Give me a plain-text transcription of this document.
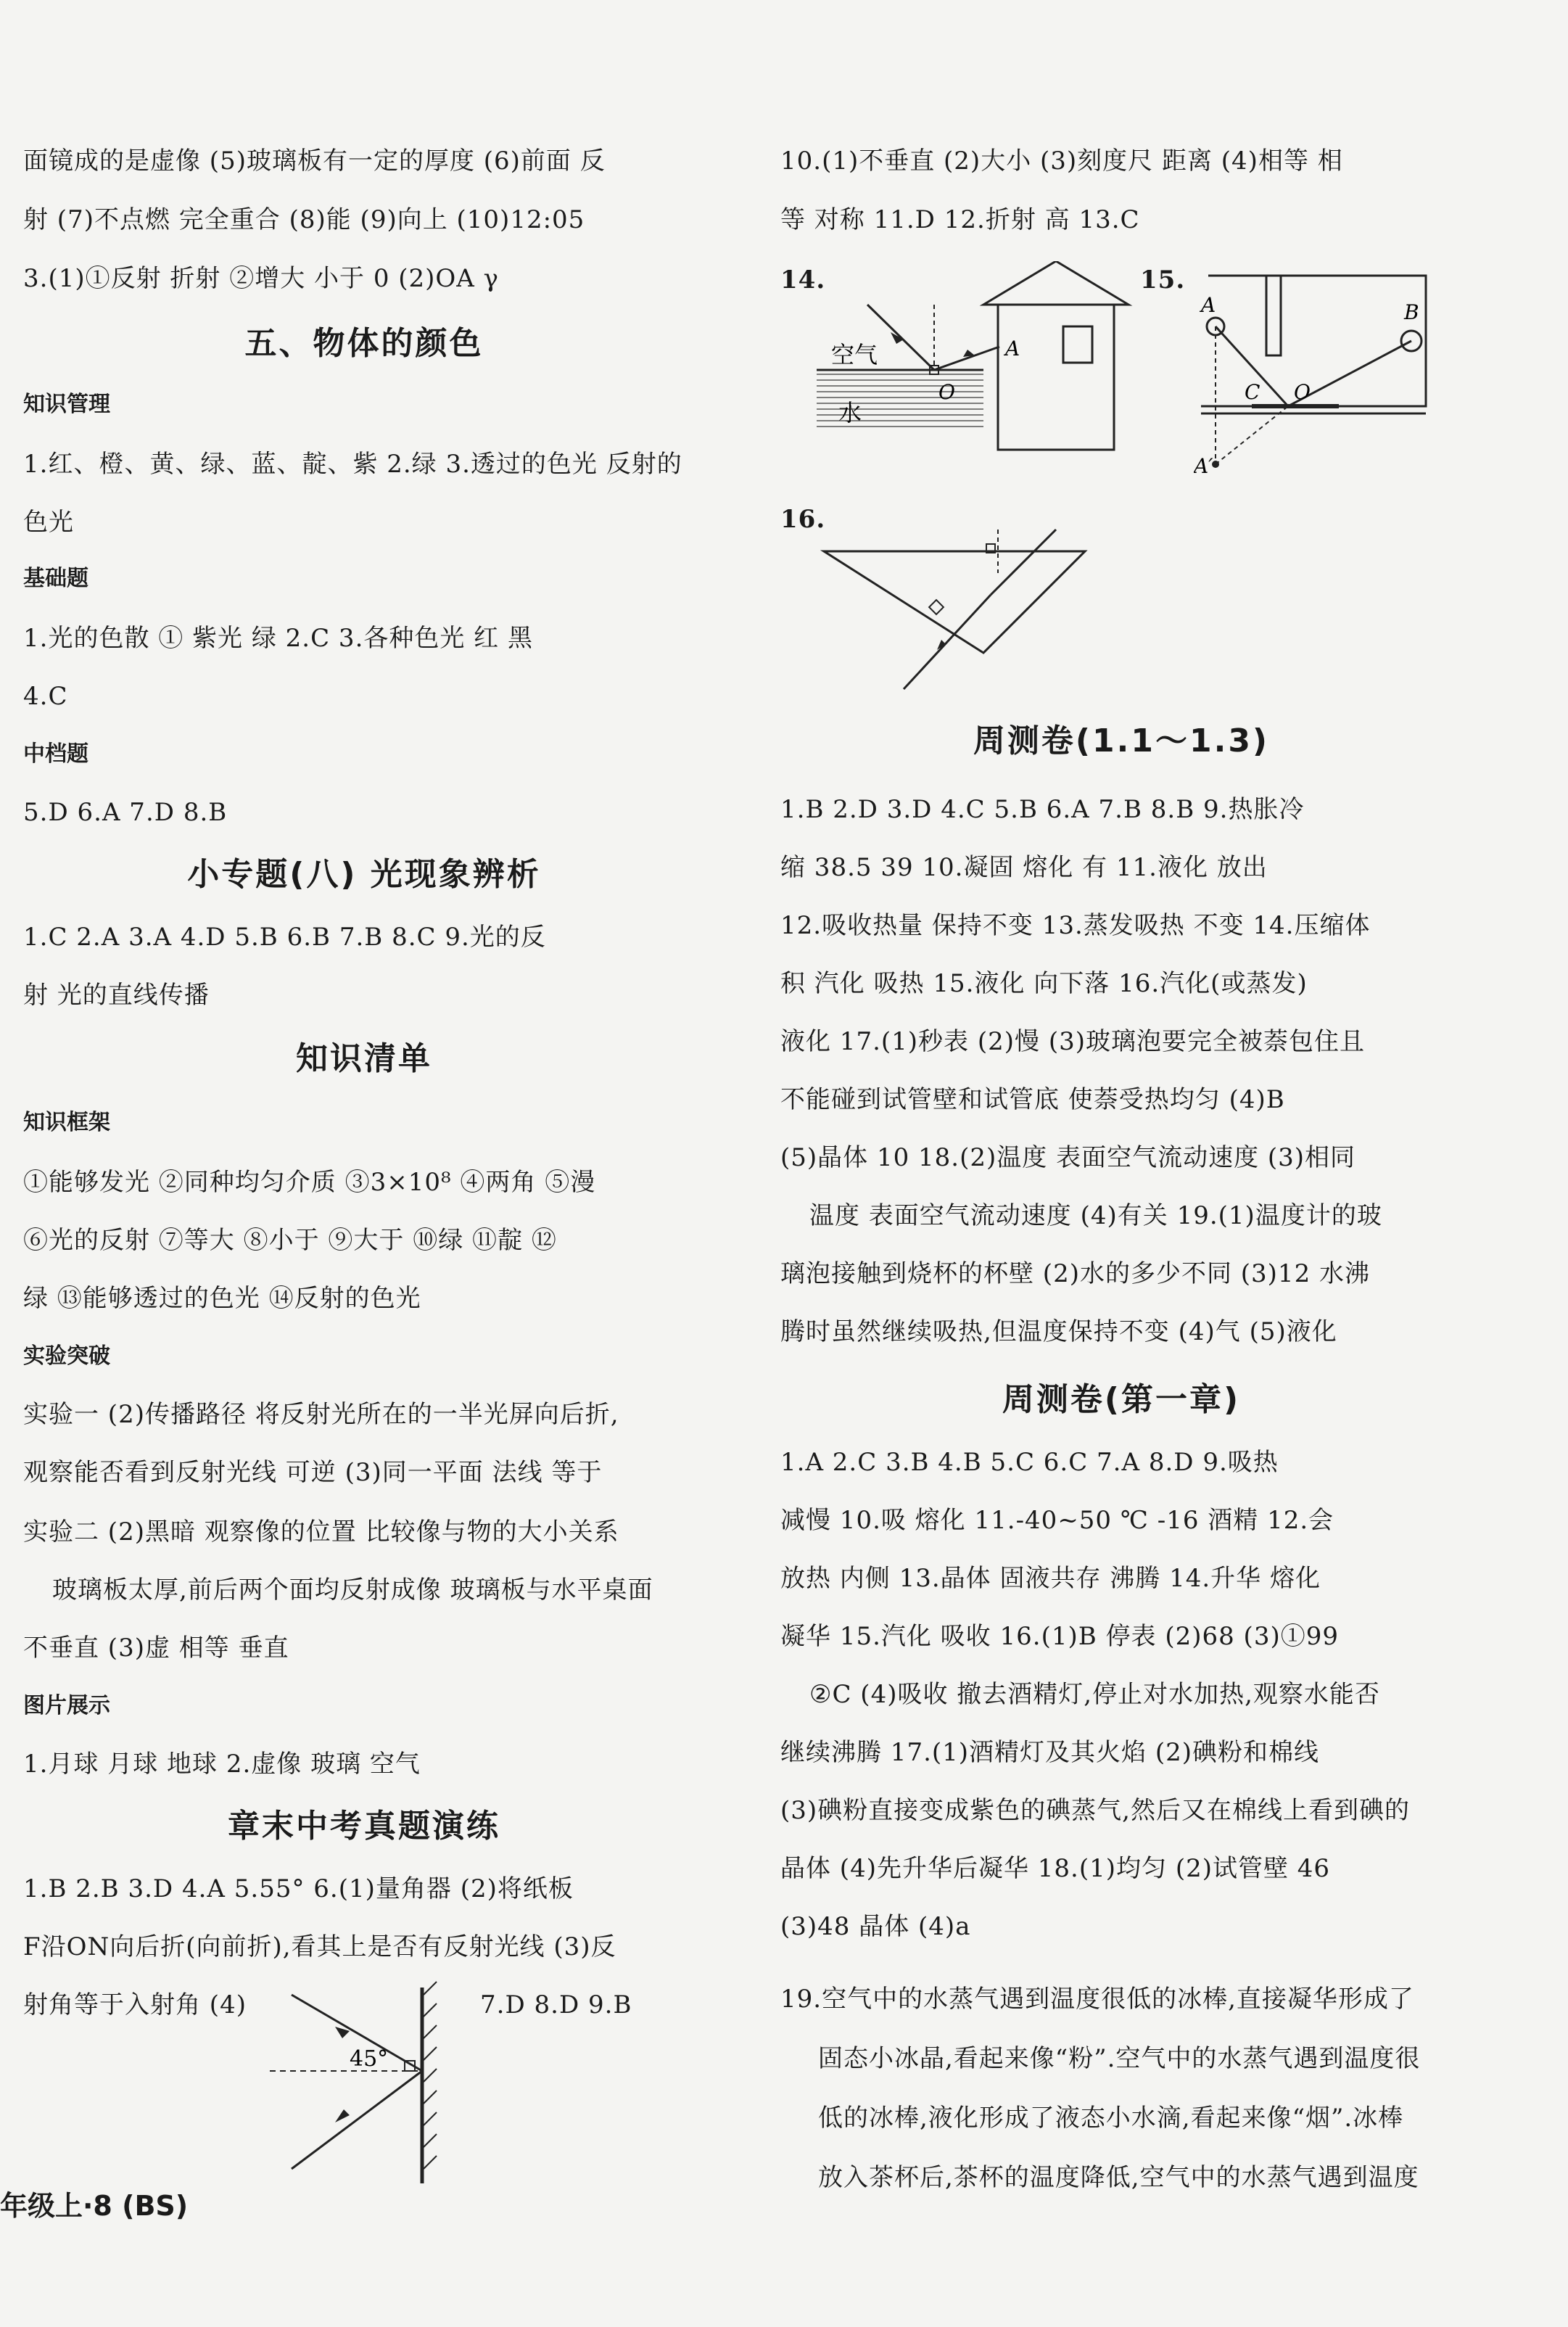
面镜成的是虚像 (5)玻璃板有一定的厚度 (6)前面 反
射 (7)不点燃 完全重合 (8)能 (9)向上 (10)12:05
3.(1)①反射 折射 ②增大 小于 0 (2)OA γ
五、物体的颜色
知识管理
1.红、橙、黄、绿、蓝、靛、紫 2.绿 3.透过的色光 反射的
色光
基础题
1.光的色散 ① 紫光 绿 2.C 3.各种色光 红 黑
4.C
中档题
5.D 6.A 7.D 8.B
小专题(八) 光现象辨析
1.C 2.A 3.A 4.D 5.B 6.B 7.B 8.C 9.光的反
射 光的直线传播
知识清单
知识框架
①能够发光 ②同种均匀介质 ③3×10⁸ ④两角 ⑤漫
⑥光的反射 ⑦等大 ⑧小于 ⑨大于 ⑩绿 ⑪靛 ⑫
绿 ⑬能够透过的色光 ⑭反射的色光
实验突破
实验一 (2)传播路径 将反射光所在的一半光屏向后折,
观察能否看到反射光线 可逆 (3)同一平面 法线 等于
实验二 (2)黑暗 观察像的位置 比较像与物的大小关系
玻璃板太厚,前后两个面均反射成像 玻璃板与水平桌面
不垂直 (3)虚 相等 垂直
图片展示
1.月球 月球 地球 2.虚像 玻璃 空气
章末中考真题演练
1.B 2.B 3.D 4.A 5.55° 6.(1)量角器 (2)将纸板
F沿ON向后折(向前折),看其上是否有反射光线 (3)反
射角等于入射角 (4)	7.D 8.D 9.B
45°
10.(1)不垂直 (2)大小 (3)刻度尺 距离 (4)相等 相
等 对称 11.D 12.折射 高 13.C
14.
空气
水
A
O
15.
A	B
C O
A′
16.
周测卷(1.1～1.3)
1.B 2.D 3.D 4.C 5.B 6.A 7.B 8.B 9.热胀冷
缩 38.5 39 10.凝固 熔化 有 11.液化 放出
12.吸收热量 保持不变 13.蒸发吸热 不变 14.压缩体
积 汽化 吸热 15.液化 向下落 16.汽化(或蒸发)
液化 17.(1)秒表 (2)慢 (3)玻璃泡要完全被萘包住且
不能碰到试管壁和试管底 使萘受热均匀 (4)B
(5)晶体 10 18.(2)温度 表面空气流动速度 (3)相同
温度 表面空气流动速度 (4)有关 19.(1)温度计的玻
璃泡接触到烧杯的杯壁 (2)水的多少不同 (3)12 水沸
腾时虽然继续吸热,但温度保持不变 (4)气 (5)液化
周测卷(第一章)
1.A 2.C 3.B 4.B 5.C 6.C 7.A 8.D 9.吸热
减慢 10.吸 熔化 11.-40~50 ℃ -16 酒精 12.会
放热 内侧 13.晶体 固液共存 沸腾 14.升华 熔化
凝华 15.汽化 吸收 16.(1)B 停表 (2)68 (3)①99
②C (4)吸收 撤去酒精灯,停止对水加热,观察水能否
继续沸腾 17.(1)酒精灯及其火焰 (2)碘粉和棉线
(3)碘粉直接变成紫色的碘蒸气,然后又在棉线上看到碘的
晶体 (4)先升华后凝华 18.(1)均匀 (2)试管壁 46
(3)48 晶体 (4)a
19.空气中的水蒸气遇到温度很低的冰棒,直接凝华形成了
固态小冰晶,看起来像“粉”.空气中的水蒸气遇到温度很
低的冰棒,液化形成了液态小水滴,看起来像“烟”.冰棒
放入茶杯后,茶杯的温度降低,空气中的水蒸气遇到温度
年级上·8 (BS)
